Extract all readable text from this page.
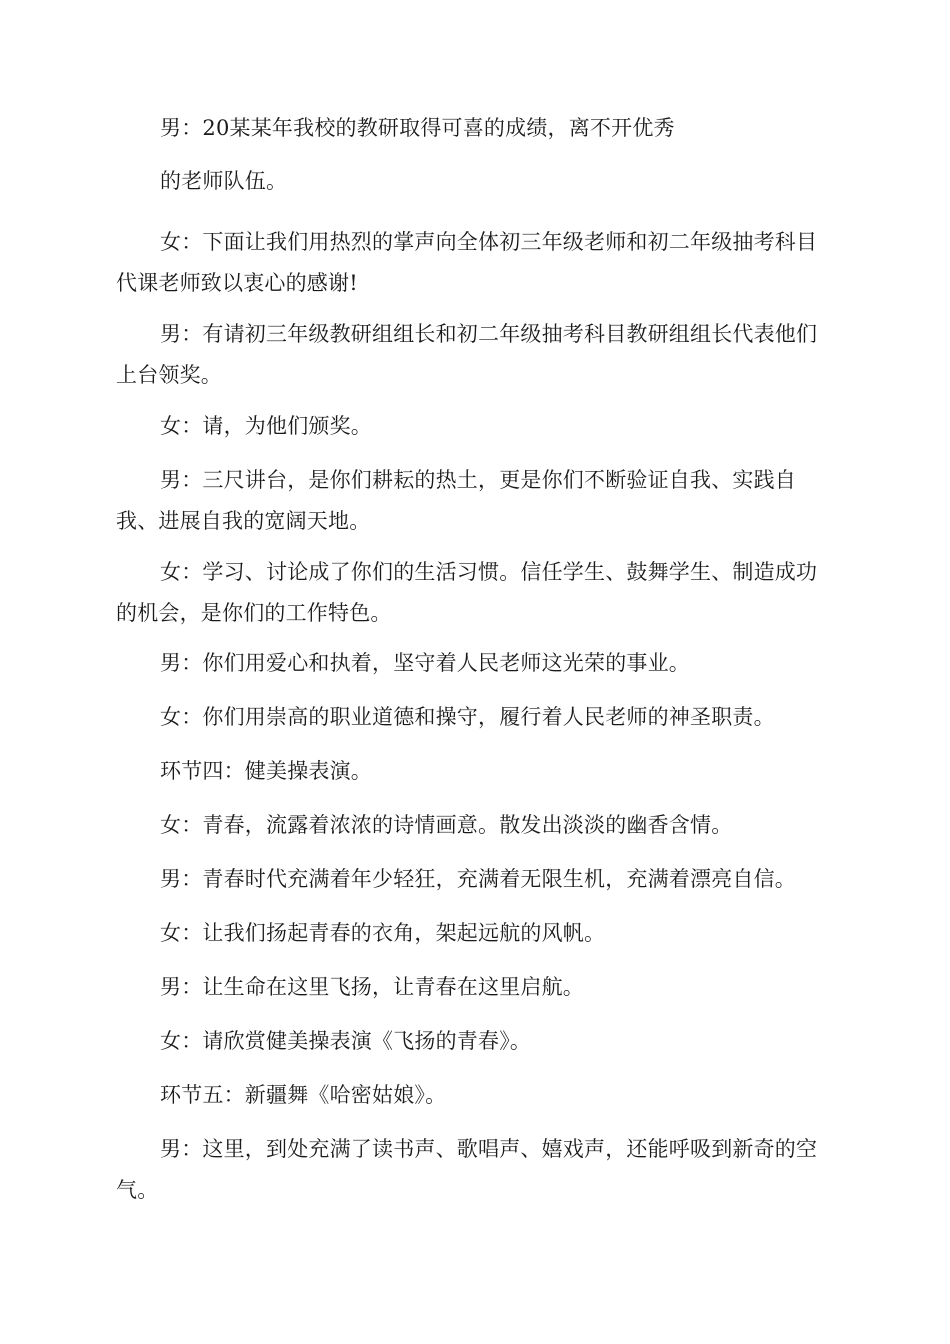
男：20某某年我校的教研取得可喜的成绩，离不开优秀

的老师队伍。

女：下面让我们用热烈的掌声向全体初三年级老师和初二年级抽考科目代课老师致以衷心的感谢!

男：有请初三年级教研组组长和初二年级抽考科目教研组组长代表他们上台领奖。

女：请，为他们颁奖。

男：三尺讲台，是你们耕耘的热土，更是你们不断验证自我、实践自我、进展自我的宽阔天地。

女：学习、讨论成了你们的生活习惯。信任学生、鼓舞学生、制造成功的机会，是你们的工作特色。

男：你们用爱心和执着，坚守着人民老师这光荣的事业。

女：你们用崇高的职业道德和操守，履行着人民老师的神圣职责。

环节四：健美操表演。

女：青春，流露着浓浓的诗情画意。散发出淡淡的幽香含情。

男：青春时代充满着年少轻狂，充满着无限生机，充满着漂亮自信。

女：让我们扬起青春的衣角，架起远航的风帆。

男：让生命在这里飞扬，让青春在这里启航。

女：请欣赏健美操表演《飞扬的青春》。

环节五：新疆舞《哈密姑娘》。

男：这里，到处充满了读书声、歌唱声、嬉戏声，还能呼吸到新奇的空气。
